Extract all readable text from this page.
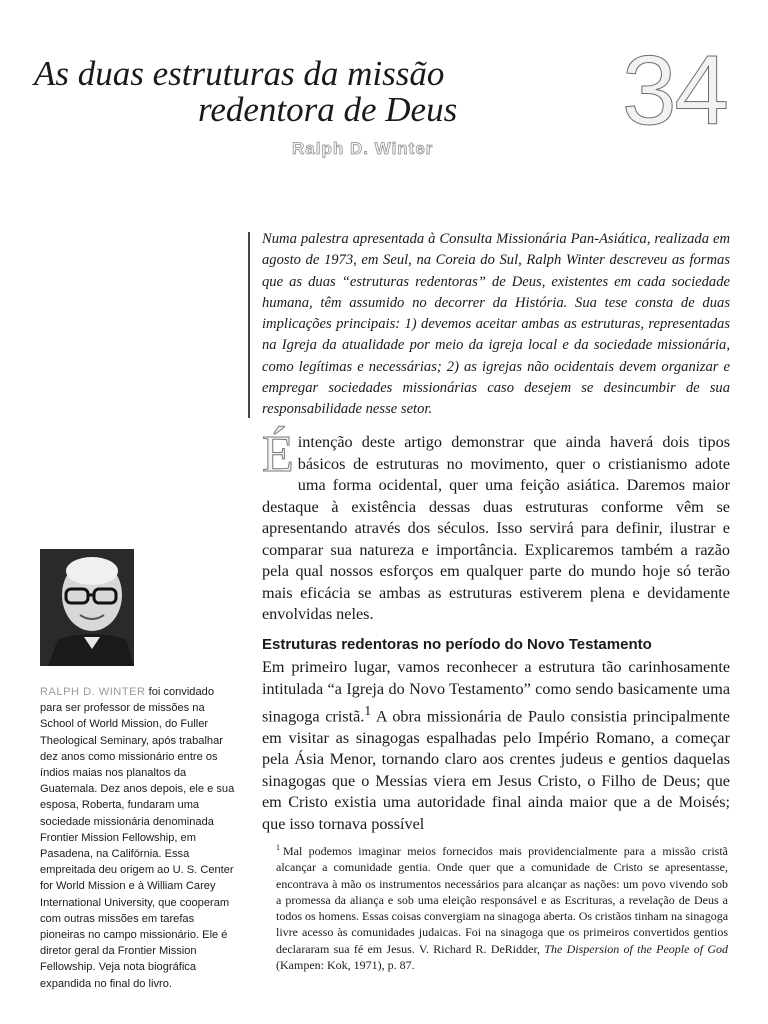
As duas estruturas da missão
redentora de Deus 34
Ralph D. Winter

Numa palestra apresentada à Consulta Missionária Pan-Asiática, realizada em agosto de 1973, em Seul, na Coreia do Sul, Ralph Winter descreveu as formas que as duas “estruturas redentoras” de Deus, existentes em cada sociedade humana, têm assumido no decorrer da História. Sua tese consta de duas implicações principais: 1) devemos aceitar ambas as estruturas, representadas na Igreja da atualidade por meio da igreja local e da sociedade missionária, como legítimas e necessárias; 2) as igrejas não ocidentais devem organizar e empregar sociedades missionárias caso desejem se desincumbir de sua responsabilidade nesse setor.

Éintenção deste artigo demonstrar que ainda haverá dois tipos básicos de estruturas no movimento, quer o cristianismo adote uma forma ocidental, quer uma feição asiática. Daremos maior destaque à existência dessas duas estruturas conforme vêm se apresentando através dos séculos. Isso servirá para definir, ilustrar e comparar sua natureza e importância. Explicaremos também a razão pela qual nossos esforços em qualquer parte do mundo hoje só terão mais eficácia se ambas as estruturas estiverem plena e devidamente envolvidas neles.

Estruturas redentoras no período do Novo Testamento

Em primeiro lugar, vamos reconhecer a estrutura tão carinhosamente intitulada “a Igreja do Novo Testamento” como sendo basicamente uma sinagoga cristã.$^1$ A obra missionária de Paulo consistia principalmente em visitar as sinagogas espalhadas pelo Império Romano, a começar pela Ásia Menor, tornando claro aos crentes judeus e gentios daquelas sinagogas que o Messias viera em Jesus Cristo, o Filho de Deus; que em Cristo existia uma autoridade final ainda maior que a de Moisés; que isso tornava possível

$^1$ Mal podemos imaginar meios fornecidos mais providencialmente para a missão cristã alcançar a comunidade gentia. Onde quer que a comunidade de Cristo se apresentasse, encontrava à mão os instrumentos necessários para alcançar as nações: um povo vivendo sob a promessa da aliança e sob uma eleição responsável e as Escrituras, a revelação de Deus a todos os homens. Essas coisas convergiam na sinagoga aberta. Os cristãos tinham na sinagoga livre acesso às comunidades judaicas. Foi na sinagoga que os primeiros convertidos gentios declararam sua fé em Jesus. V. Richard R. DeRidder, The Dispersion of the People of God (Kampen: Kok, 1971), p. 87.

RALPH D. WINTER foi convidado para ser professor de missões na School of World Mission, do Fuller Theological Seminary, após trabalhar dez anos como missionário entre os índios maias nos planaltos da Guatemala. Dez anos depois, ele e sua esposa, Roberta, fundaram uma sociedade missionária denominada Frontier Mission Fellowship, em Pasadena, na Califórnia. Essa empreitada deu origem ao U. S. Center for World Mission e à William Carey International University, que cooperam com outras missões em tarefas pioneiras no campo missionário. Ele é diretor geral da Frontier Mission Fellowship. Veja nota biográfica expandida no final do livro.
